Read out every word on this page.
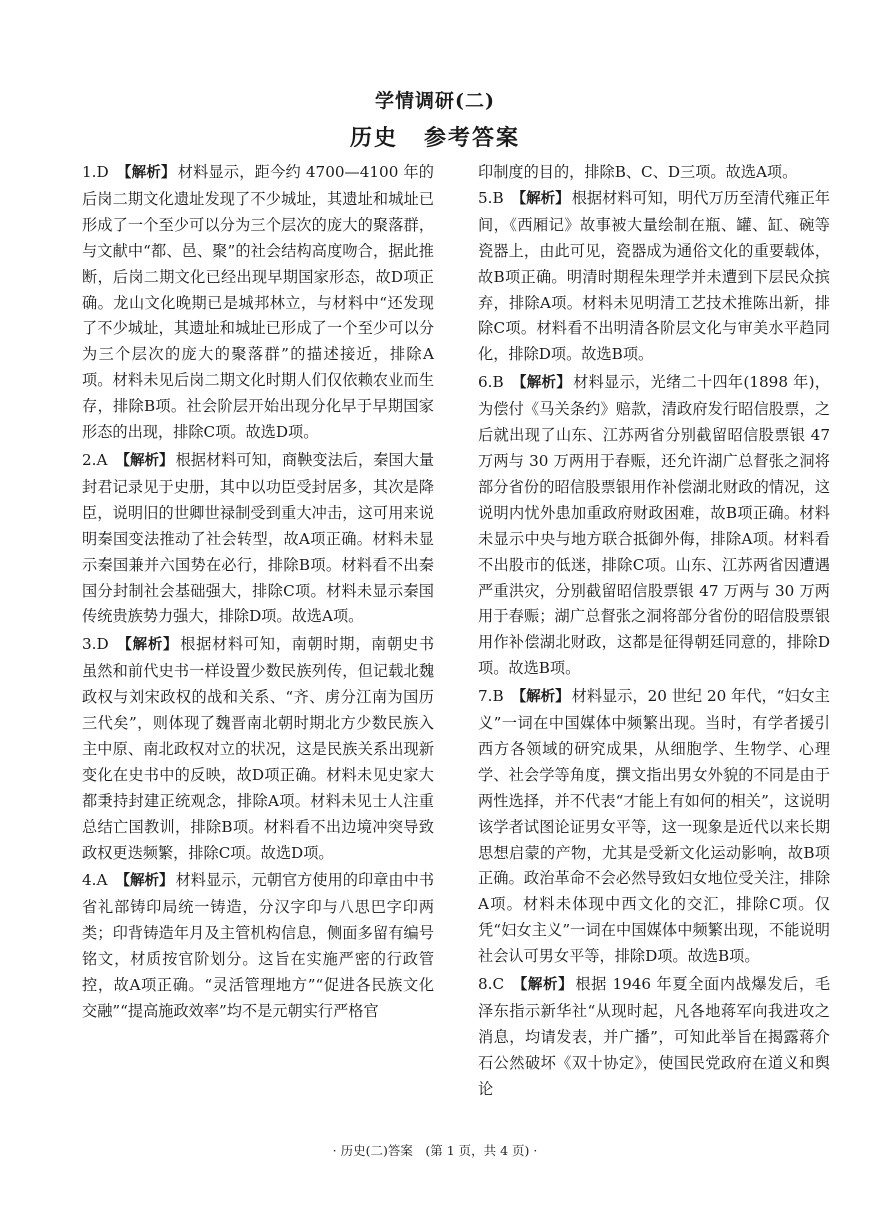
学情调研(二)
历史 参考答案
1.D 【解析】 材料显示，距今约 4700—4100 年的后岗二期文化遗址发现了不少城址，其遗址和城址已形成了一个至少可以分为三个层次的庞大的聚落群，与文献中“都、邑、聚”的社会结构高度吻合，据此推断，后岗二期文化已经出现早期国家形态，故D项正确。龙山文化晚期已是城邦林立，与材料中“还发现了不少城址，其遗址和城址已形成了一个至少可以分为三个层次的庞大的聚落群”的描述接近，排除A项。材料未见后岗二期文化时期人们仅依赖农业而生存，排除B项。社会阶层开始出现分化早于早期国家形态的出现，排除C项。故选D项。
2.A 【解析】 根据材料可知，商鞅变法后，秦国大量封君记录见于史册，其中以功臣受封居多，其次是降臣，说明旧的世卿世禄制受到重大冲击，这可用来说明秦国变法推动了社会转型，故A项正确。材料未显示秦国兼并六国势在必行，排除B项。材料看不出秦国分封制社会基础强大，排除C项。材料未显示秦国传统贵族势力强大，排除D项。故选A项。
3.D 【解析】 根据材料可知，南朝时期，南朝史书虽然和前代史书一样设置少数民族列传，但记载北魏政权与刘宋政权的战和关系、“齐、虏分江南为国历三代矣”，则体现了魏晋南北朝时期北方少数民族入主中原、南北政权对立的状况，这是民族关系出现新变化在史书中的反映，故D项正确。材料未见史家大都秉持封建正统观念，排除A项。材料未见士人注重总结亡国教训，排除B项。材料看不出边境冲突导致政权更迭频繁，排除C项。故选D项。
4.A 【解析】 材料显示，元朝官方使用的印章由中书省礼部铸印局统一铸造，分汉字印与八思巴字印两类；印背铸造年月及主管机构信息，侧面多留有编号铭文，材质按官阶划分。这旨在实施严密的行政管控，故A项正确。“灵活管理地方”“促进各民族文化交融”“提高施政效率”均不是元朝实行严格官
印制度的目的，排除B、C、D三项。故选A项。
5.B 【解析】 根据材料可知，明代万历至清代雍正年间，《西厢记》故事被大量绘制在瓶、罐、缸、碗等瓷器上，由此可见，瓷器成为通俗文化的重要载体，故B项正确。明清时期程朱理学并未遭到下层民众摈弃，排除A项。材料未见明清工艺技术推陈出新，排除C项。材料看不出明清各阶层文化与审美水平趋同化，排除D项。故选B项。
6.B 【解析】 材料显示，光绪二十四年(1898 年)，为偿付《马关条约》赔款，清政府发行昭信股票，之后就出现了山东、江苏两省分别截留昭信股票银 47 万两与 30 万两用于春赈，还允许湖广总督张之洞将部分省份的昭信股票银用作补偿湖北财政的情况，这说明内忧外患加重政府财政困难，故B项正确。材料未显示中央与地方联合抵御外侮，排除A项。材料看不出股市的低迷，排除C项。山东、江苏两省因遭遇严重洪灾，分别截留昭信股票银 47 万两与 30 万两用于春赈；湖广总督张之洞将部分省份的昭信股票银用作补偿湖北财政，这都是征得朝廷同意的，排除D项。故选B项。
7.B 【解析】 材料显示，20 世纪 20 年代，“妇女主义”一词在中国媒体中频繁出现。当时，有学者援引西方各领域的研究成果，从细胞学、生物学、心理学、社会学等角度，撰文指出男女外貌的不同是由于两性选择，并不代表“才能上有如何的相关”，这说明该学者试图论证男女平等，这一现象是近代以来长期思想启蒙的产物，尤其是受新文化运动影响，故B项正确。政治革命不会必然导致妇女地位受关注，排除A项。材料未体现中西文化的交汇，排除C项。仅凭“妇女主义”一词在中国媒体中频繁出现，不能说明社会认可男女平等，排除D项。故选B项。
8.C 【解析】 根据 1946 年夏全面内战爆发后，毛泽东指示新华社“从现时起，凡各地蒋军向我进攻之消息，均请发表，并广播”，可知此举旨在揭露蒋介石公然破坏《双十协定》，使国民党政府在道义和舆论
· 历史(二)答案　(第 1 页，共 4 页) ·
